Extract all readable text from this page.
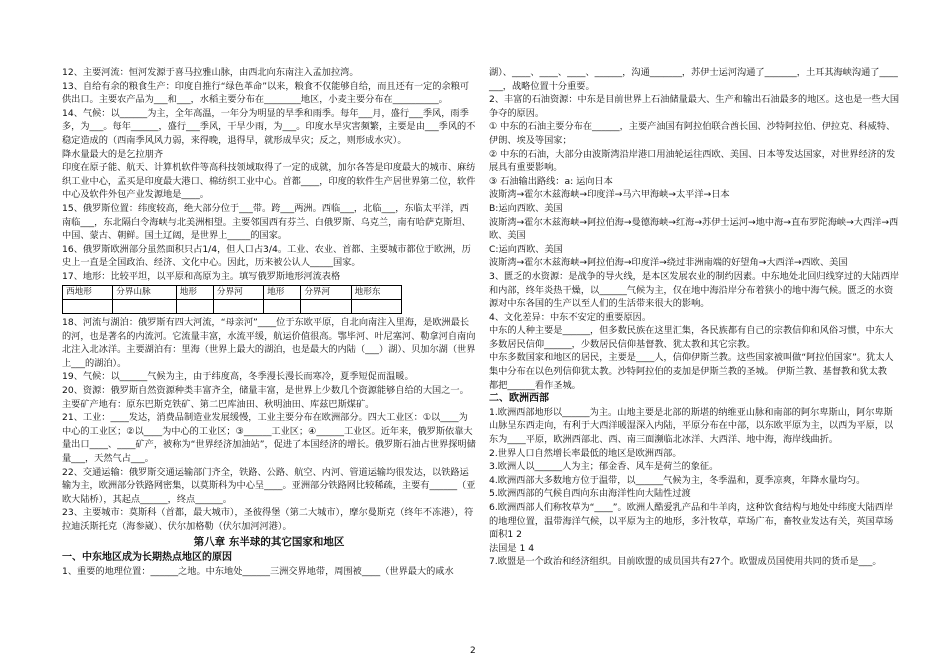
12、主要河流：恒河发源于喜马拉雅山脉，由西北向东南注入孟加拉湾。

13、自给有余的粮食生产：印度自推行“绿色革命”以来，粮食不仅能够自给，而且还有一定的余粮可供出口。主要农产品为___和___，水稻主要分布在________地区，小麦主要分布在__________。

14、气候：以______为主，全年高温，一年分为明显的旱季和雨季。每年___月，盛行___季风，雨季多，为___。每年______，盛行___季风，干旱少雨，为___。印度水旱灾害频繁，主要是由___季风的不稳定造成的（西南季风风力弱，来得晚，退得早，就形成旱灾；反之，则形成水灾）。

降水量最大的是乞拉朋齐

印度在原子能、航天、计算机软件等高科技领域取得了一定的成就，加尔各答是印度最大的城市、麻纺织工业中心，孟买是印度最大港口、棉纺织工业中心。首都____，印度的软件生产居世界第二位，软件中心及软件外包产业发源地是____。

15、俄罗斯位置：纬度较高，绝大部分位于___带。跨___两洲。西临___，北临___，东临太平洋，西南临___，东北隔白令海峡与北美洲相望。主要邻国西有芬兰、白俄罗斯、乌克兰，南有哈萨克斯坦、中国、蒙古、朝鲜。国土辽阔，是世界上_____的国家。

16、俄罗斯欧洲部分虽然面积只占1/4，但人口占3/4。工业、农业、首都、主要城市都位于欧洲，历史上一直是全国政治、经济、文化中心。因此，历来被公认人_____国家。

17、地形：比较平坦，以平原和高原为主。填写俄罗斯地形河流表格

西地形	分界山脉	地形	分界河	地形	分界河	地形东

18、河流与湖泊：俄罗斯有四大河流，“母亲河”____位于东欧平原，自北向南注入里海，是欧洲最长的河，也是著名的内流河。它流量丰富，水流平缓，航运价值很高。鄂毕河、叶尼塞河、勒拿河自南向北注入北冰洋。主要湖泊有：里海（世界上最大的湖泊，也是最大的内陆（___）湖）、贝加尔湖（世界上___的湖泊）。

19、气候：以______气候为主，由于纬度高，冬季漫长漫长而寒冷，夏季短促而温暖。

20、资源：俄罗斯自然资源种类丰富齐全，储量丰富，是世界上少数几个资源能够自给的大国之一。主要矿产地有：原东巴斯克铁矿、第二巴库油田、秋明油田、库兹巴斯煤矿。

21、工业：____发达，消费品制造业发展缓慢，工业主要分布在欧洲部分。四大工业区：①以____为中心的工业区；②以____为中心的工业区；③______工业区；④______工业区。近年来，俄罗斯依靠大量出口____、____矿产，被称为“世界经济加油站”，促进了本国经济的增长。俄罗斯石油占世界探明储量___，天然气占___。

22、交通运输：俄罗斯交通运输部门齐全，铁路、公路、航空、内河、管道运输均很发达，以铁路运输为主，欧洲部分铁路网密集，以莫斯科为中心呈____。亚洲部分铁路网比较稀疏，主要有______（亚欧大陆桥），其起点______，终点______。

23、主要城市：莫斯科（首都，最大城市），圣彼得堡（第二大城市），摩尔曼斯克（终年不冻港），符拉迪沃斯托克（海参崴）、伏尔加格勒（伏尔加河河港）。

第八章 东半球的其它国家和地区

一、中东地区成为长期热点地区的原因

1、重要的地理位置：______之地。中东地处______三洲交界地带，周围被____（世界最大的咸水

湖）、____、____、____、______，沟通_______，苏伊士运河沟通了_______，土耳其海峡沟通了_______，战略位置十分重要。

2、丰富的石油资源：中东是目前世界上石油储量最大、生产和输出石油最多的地区。这也是一些大国争夺的原因。

① 中东的石油主要分布在______，主要产油国有阿拉伯联合酋长国、沙特阿拉伯、伊拉克、科威特、伊朗、埃及等国家；

② 中东的石油，大部分由波斯湾沿岸港口用油轮运往西欧、美国、日本等发达国家，对世界经济的发展具有重要影响。

③ 石油输出路线：a: 运向日本

波斯湾→霍尔木兹海峡→印度洋→马六甲海峡→太平洋→日本

B:运向西欧、美国

波斯湾→霍尔木兹海峡→阿拉伯海→曼德海峡→红海→苏伊士运河→地中海→直布罗陀海峡→大西洋→西欧、美国

C:运向西欧、美国

波斯湾→霍尔木兹海峡→阿拉伯海→印度洋→绕过非洲南端的好望角→大西洋→西欧、美国

3、匮乏的水资源：是战争的导火线，是本区发展农业的制约因素。中东地处北回归线穿过的大陆西岸和内部，终年炎热干燥，以______气候为主，仅在地中海沿岸分布着狭小的地中海气候。匮乏的水资源对中东各国的生产以至人们的生活带来很大的影响。

4、文化差异：中东不安定的重要原因。

中东的人种主要是______，但多数民族在这里汇集，各民族都有自己的宗教信仰和风俗习惯，中东大多数居民信仰______，少数居民信仰基督教、犹太教和其它宗教。

中东多数国家和地区的居民，主要是____人，信仰伊斯兰教。这些国家被叫做“阿拉伯国家”。犹太人集中分布在以色列信仰犹太教。沙特阿拉伯的麦加是伊斯兰教的圣城。 伊斯兰教、基督教和犹太教

都把______看作圣城。

二、欧洲西部

1.欧洲西部地形以______为主。山地主要是北部的斯堪的纳维亚山脉和南部的阿尔卑斯山，阿尔卑斯山脉呈东西走向，有利于大西洋暖湿深入内陆，平原分布在中部，以东欧平原为主，以西为平原，以东为____平原，欧洲西部北、西、南三面濒临北冰洋、大西洋、地中海，海岸线曲折。

2.世界人口自然增长率最低的地区是欧洲西部。

3.欧洲人以______人为主；郁金香、风车是荷兰的象征。

4.欧洲西部大多数地方位于温带，以______气候为主，冬季温和，夏季凉爽，年降水量均匀。

5.欧洲西部的气候自西向东由海洋性向大陆性过渡

6.欧洲西部人们称牧草为“____”。欧洲人酷爱乳产品和牛羊肉，这种饮食结构与地处中纬度大陆西岸的地理位置，温带海洋气候，以平原为主的地形，多汁牧草，草场广布，畜牧业发达有关，英国草场面积1 2

法国是 1 4

7.欧盟是一个政治和经济组织。目前欧盟的成员国共有27个。欧盟成员国使用共同的货币是___。

2
